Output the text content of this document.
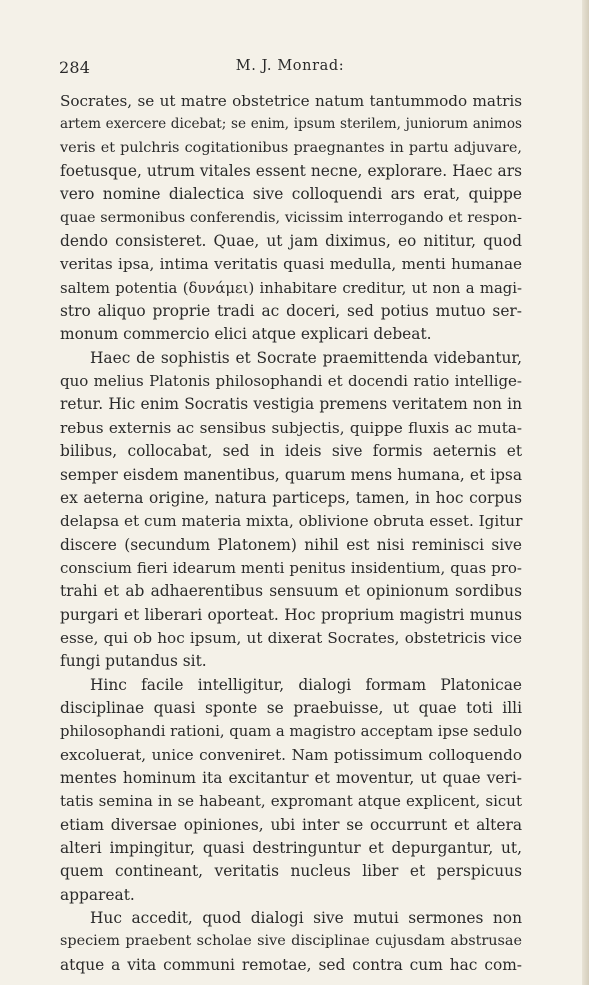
284	M. J. Monrad:
Socrates, se ut matre obstetrice natum tantummodo matris
artem exercere dicebat; se enim, ipsum sterilem, juniorum animos
veris et pulchris cogitationibus praegnantes in partu adjuvare,
foetusque, utrum vitales essent necne, explorare. Haec ars
vero nomine dialectica sive colloquendi ars erat, quippe
quae sermonibus conferendis, vicissim interrogando et respon-
dendo consisteret. Quae, ut jam diximus, eo nititur, quod
veritas ipsa, intima veritatis quasi medulla, menti humanae
saltem potentia (δυνάμει) inhabitare creditur, ut non a magi-
stro aliquo proprie tradi ac doceri, sed potius mutuo ser-
monum commercio elici atque explicari debeat.
Haec de sophistis et Socrate praemittenda videbantur,
quo melius Platonis philosophandi et docendi ratio intellige-
retur. Hic enim Socratis vestigia premens veritatem non in
rebus externis ac sensibus subjectis, quippe fluxis ac muta-
bilibus, collocabat, sed in ideis sive formis aeternis et
semper eisdem manentibus, quarum mens humana, et ipsa
ex aeterna origine, natura particeps, tamen, in hoc corpus
delapsa et cum materia mixta, oblivione obruta esset. Igitur
discere (secundum Platonem) nihil est nisi reminisci sive
conscium fieri idearum menti penitus insidentium, quas pro-
trahi et ab adhaerentibus sensuum et opinionum sordibus
purgari et liberari oporteat. Hoc proprium magistri munus
esse, qui ob hoc ipsum, ut dixerat Socrates, obstetricis vice
fungi putandus sit.
Hinc facile intelligitur, dialogi formam Platonicae
disciplinae quasi sponte se praebuisse, ut quae toti illi
philosophandi rationi, quam a magistro acceptam ipse sedulo
excoluerat, unice conveniret. Nam potissimum colloquendo
mentes hominum ita excitantur et moventur, ut quae veri-
tatis semina in se habeant, expromant atque explicent, sicut
etiam diversae opiniones, ubi inter se occurrunt et altera
alteri impingitur, quasi destringuntur et depurgantur, ut,
quem contineant, veritatis nucleus liber et perspicuus
appareat.
Huc accedit, quod dialogi sive mutui sermones non
speciem praebent scholae sive disciplinae cujusdam abstrusae
atque a vita communi remotae, sed contra cum hac com-
